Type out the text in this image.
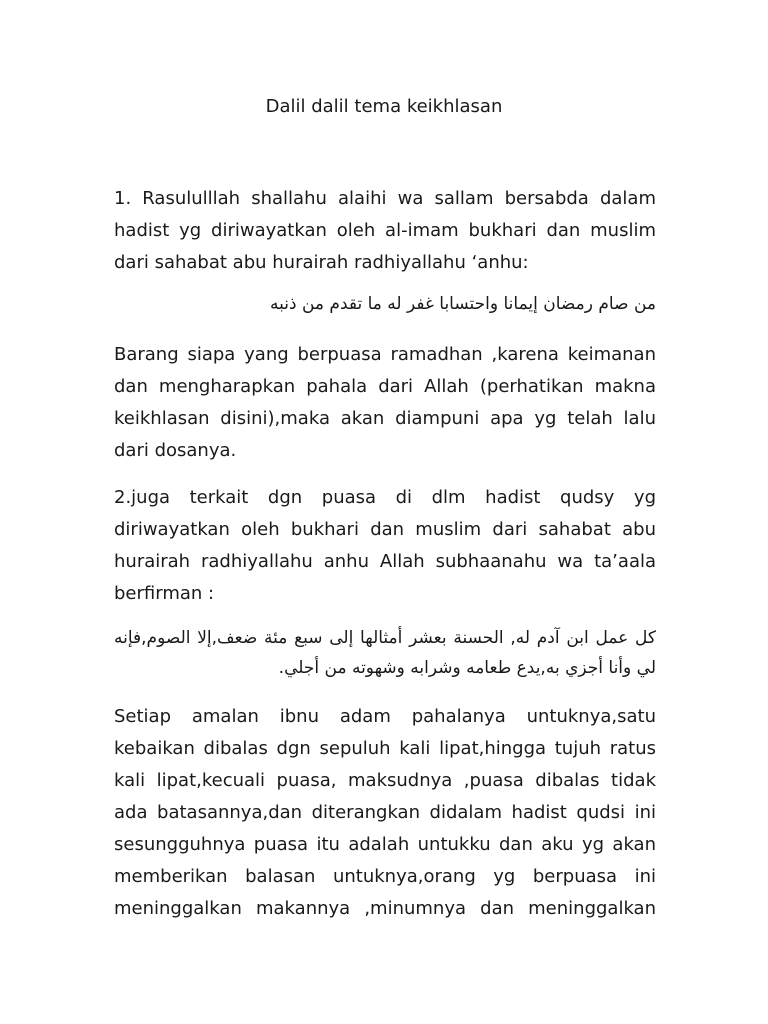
Dalil dalil tema keikhlasan

1. Rasululllah shallahu alaihi wa sallam bersabda dalam hadist yg diriwayatkan oleh al-imam bukhari dan muslim dari sahabat abu hurairah radhiyallahu ‘anhu:

من صام رمضان إيمانا واحتسابا غفر له ما تقدم من ذنبه

Barang siapa yang berpuasa ramadhan ,karena keimanan dan mengharapkan pahala dari Allah (perhatikan makna keikhlasan disini),maka akan diampuni apa yg telah lalu dari dosanya.

2.juga terkait dgn puasa di dlm hadist qudsy yg diriwayatkan oleh bukhari dan muslim dari sahabat abu hurairah radhiyallahu anhu Allah subhaanahu wa ta’aala berfirman :

كل عمل ابن آدم له, الحسنة بعشر أمثالها إلى سبع مئة ضعف,إلا الصوم,فإنه لي وأنا أجزي به,يدع طعامه وشرابه وشهوته من أجلي.

Setiap amalan ibnu adam pahalanya untuknya,satu kebaikan dibalas dgn sepuluh kali lipat,hingga tujuh ratus kali lipat,kecuali puasa, maksudnya ,puasa dibalas tidak ada batasannya,dan diterangkan didalam hadist qudsi ini sesungguhnya puasa itu adalah untukku dan aku yg akan memberikan balasan untuknya,orang yg berpuasa ini meninggalkan makannya ,minumnya dan meninggalkan
